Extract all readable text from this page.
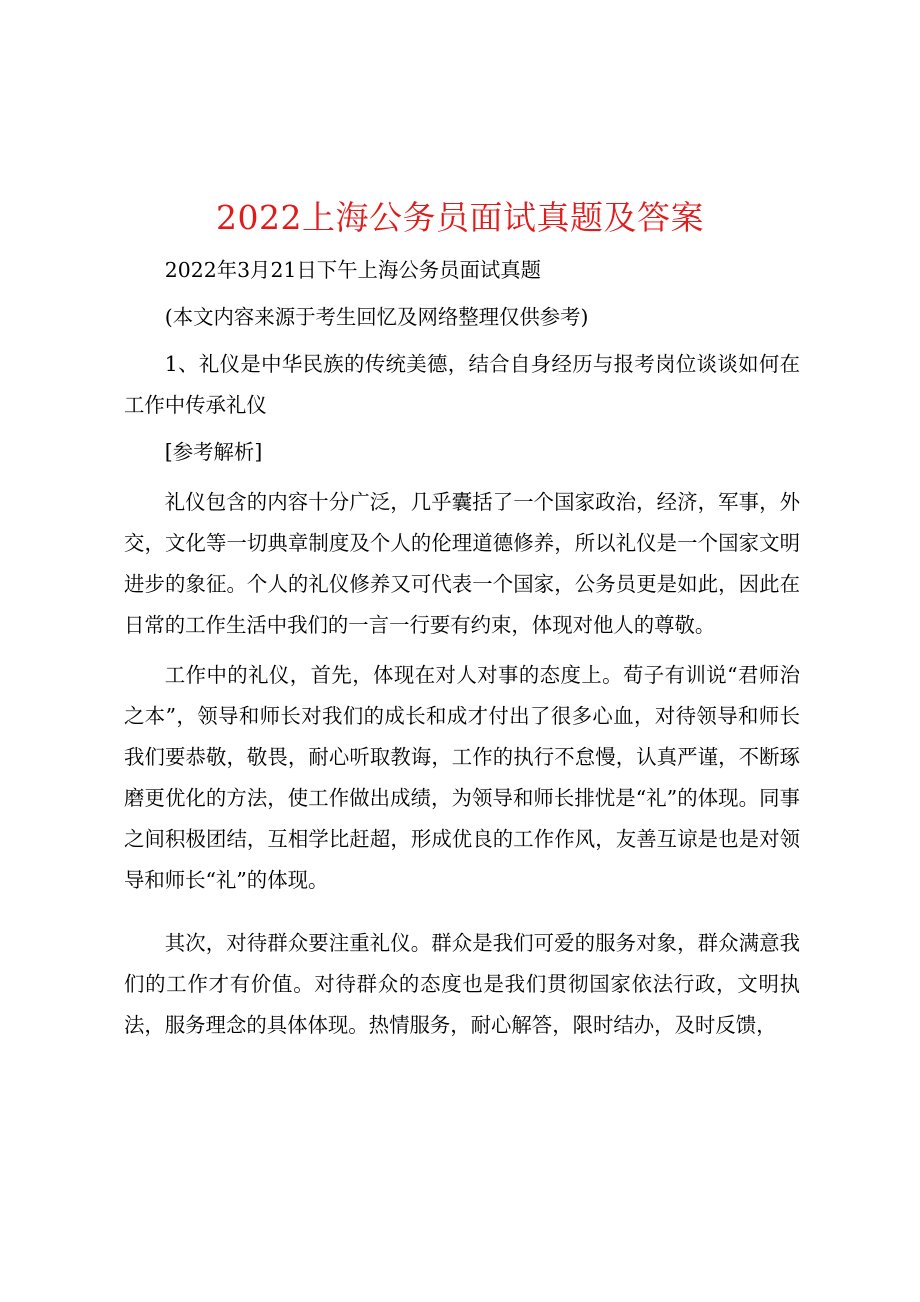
2022上海公务员面试真题及答案

2022年3月21日下午上海公务员面试真题

(本文内容来源于考生回忆及网络整理仅供参考)

1、礼仪是中华民族的传统美德，结合自身经历与报考岗位谈谈如何在工作中传承礼仪

[参考解析]

礼仪包含的内容十分广泛，几乎囊括了一个国家政治，经济，军事，外交，文化等一切典章制度及个人的伦理道德修养，所以礼仪是一个国家文明进步的象征。个人的礼仪修养又可代表一个国家，公务员更是如此，因此在日常的工作生活中我们的一言一行要有约束，体现对他人的尊敬。

工作中的礼仪，首先，体现在对人对事的态度上。荀子有训说“君师治之本”，领导和师长对我们的成长和成才付出了很多心血，对待领导和师长我们要恭敬，敬畏，耐心听取教诲，工作的执行不怠慢，认真严谨，不断琢磨更优化的方法，使工作做出成绩，为领导和师长排忧是“礼”的体现。同事之间积极团结，互相学比赶超，形成优良的工作作风，友善互谅是也是对领导和师长“礼”的体现。

其次，对待群众要注重礼仪。群众是我们可爱的服务对象，群众满意我们的工作才有价值。对待群众的态度也是我们贯彻国家依法行政，文明执法，服务理念的具体体现。热情服务，耐心解答，限时结办，及时反馈，
